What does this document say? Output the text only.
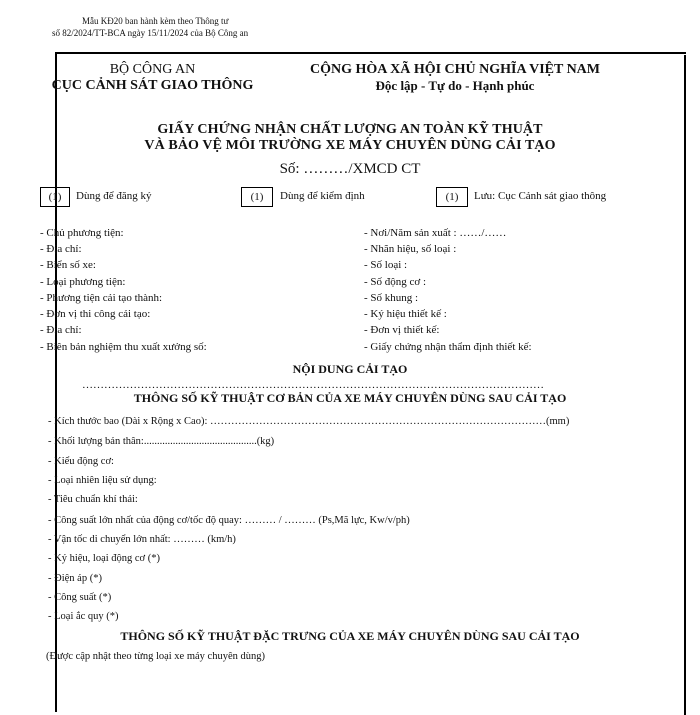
Mẫu KĐ20 ban hành kèm theo Thông tư
số 82/2024/TT-BCA ngày 15/11/2024 của Bộ Công an
BỘ CÔNG AN
CỤC CẢNH SÁT GIAO THÔNG
CỘNG HÒA XÃ HỘI CHỦ NGHĨA VIỆT NAM
Độc lập - Tự do - Hạnh phúc
GIẤY CHỨNG NHẬN CHẤT LƯỢNG AN TOÀN KỸ THUẬT
VÀ BẢO VỆ MÔI TRƯỜNG XE MÁY CHUYÊN DÙNG CẢI TẠO
Số: ………/XMCD CT
(1)	Dùng để đăng ký	(1)	Dùng để kiểm định	(1)	Lưu: Cục Cảnh sát giao thông
- Chủ phương tiện:
- Địa chỉ:
- Biển số xe:
- Loại phương tiện:
- Phương tiện cải tạo thành:
- Đơn vị thi công cải tạo:
- Địa chỉ:
- Biên bản nghiệm thu xuất xưởng số:
- Nơi/Năm sản xuất : ……/……
- Nhãn hiệu, số loại :
- Số loại :
- Số động cơ :
- Số khung :
- Ký hiệu thiết kế :
- Đơn vị thiết kế:
- Giấy chứng nhận thẩm định thiết kế:
NỘI DUNG CẢI TẠO
………………………………………………………………………………………………………………
THÔNG SỐ KỸ THUẬT CƠ BẢN CỦA XE MÁY CHUYÊN DÙNG SAU CẢI TẠO
- Kích thước bao (Dài x Rộng x Cao): ……………………………………………………………………………………(mm)
- Khối lượng bản thân:...........................................(kg)
- Kiểu động cơ:
- Loại nhiên liệu sử dụng:
- Tiêu chuẩn khí thải:
- Công suất lớn nhất của động cơ/tốc độ quay: ……… / ……… (Ps,Mã lực, Kw/v/ph)
- Vận tốc di chuyển lớn nhất: ……… (km/h)
- Ký hiệu, loại động cơ (*)
- Điện áp (*)
- Công suất (*)
- Loại ắc quy (*)
THÔNG SỐ KỸ THUẬT ĐẶC TRƯNG CỦA XE MÁY CHUYÊN DÙNG SAU CẢI TẠO
(Được cập nhật theo từng loại xe máy chuyên dùng)
